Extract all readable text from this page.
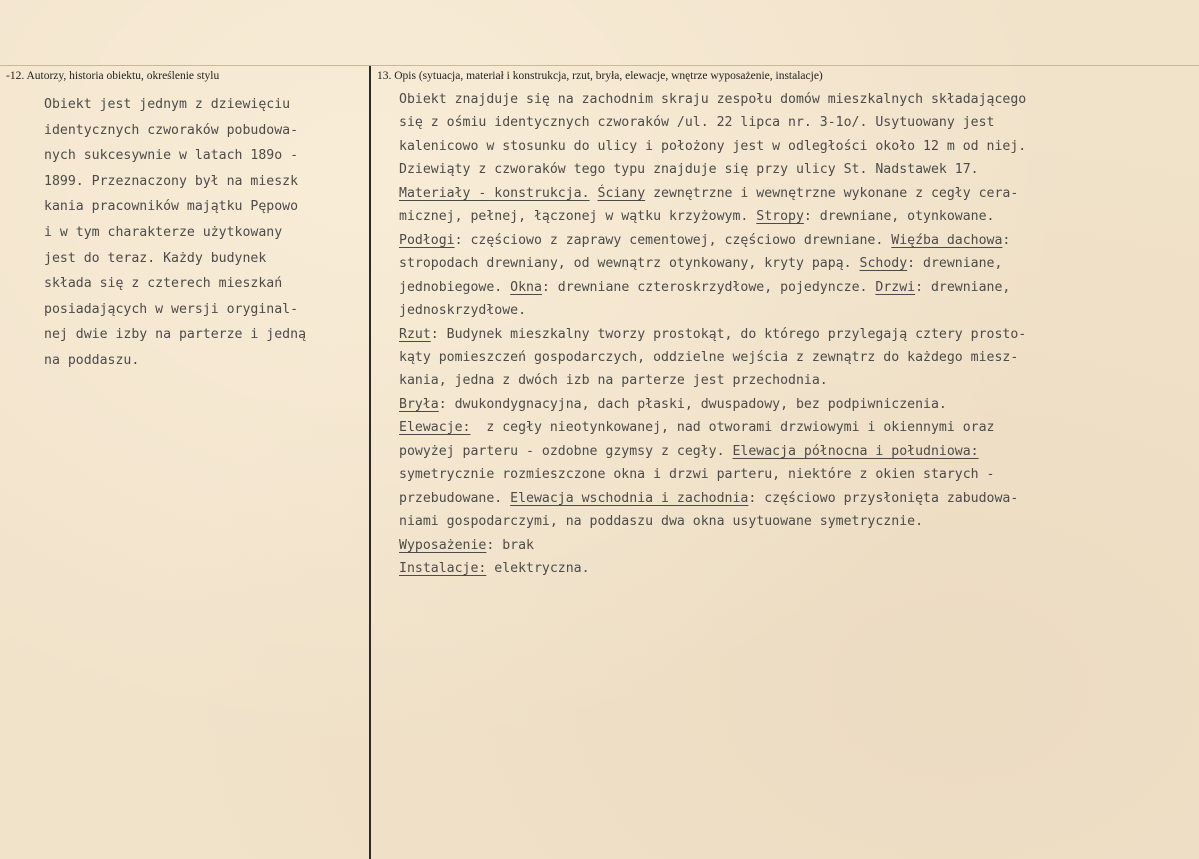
-12. Autorzy, historia obiektu, określenie stylu	13. Opis (sytuacja, materiał i konstrukcja, rzut, bryła, elewacje, wnętrze wyposażenie, instalacje)
Obiekt jest jednym z dziewięciu
identycznych czworaków pobudowa-
nych sukcesywnie w latach 189o -
1899. Przeznaczony był na mieszk
kania pracowników majątku Pępowo
i w tym charakterze użytkowany
jest do teraz. Każdy budynek
składa się z czterech mieszkań
posiadających w wersji oryginal-
nej dwie izby na parterze i jedną
na poddaszu.
Obiekt znajduje się na zachodnim skraju zespołu domów mieszkalnych składającego
się z ośmiu identycznych czworaków /ul. 22 lipca nr. 3-1o/. Usytuowany jest
kalenicowo w stosunku do ulicy i położony jest w odległości około 12 m od niej.
Dziewiąty z czworaków tego typu znajduje się przy ulicy St. Nadstawek 17.
Materiały - konstrukcja. Ściany zewnętrzne i wewnętrzne wykonane z cegły cera-
micznej, pełnej, łączonej w wątku krzyżowym. Stropy: drewniane, otynkowane.
Podłogi: częściowo z zaprawy cementowej, częściowo drewniane. Więźba dachowa:
stropodach drewniany, od wewnątrz otynkowany, kryty papą. Schody: drewniane,
jednobiegowe. Okna: drewniane czteroskrzydłowe, pojedyncze. Drzwi: drewniane,
jednoskrzydłowe.
Rzut: Budynek mieszkalny tworzy prostokąt, do którego przylegają cztery prosto-
kąty pomieszczeń gospodarczych, oddzielne wejścia z zewnątrz do każdego miesz-
kania, jedna z dwóch izb na parterze jest przechodnia.
Bryła: dwukondygnacyjna, dach płaski, dwuspadowy, bez podpiwniczenia.
Elewacje:  z cegły nieotynkowanej, nad otworami drzwiowymi i okiennymi oraz
powyżej parteru - ozdobne gzymsy z cegły. Elewacja północna i południowa:
symetrycznie rozmieszczone okna i drzwi parteru, niektóre z okien starych -
przebudowane. Elewacja wschodnia i zachodnia: częściowo przysłonięta zabudowa-
niami gospodarczymi, na poddaszu dwa okna usytuowane symetrycznie.
Wyposażenie: brak
Instalacje: elektryczna.
